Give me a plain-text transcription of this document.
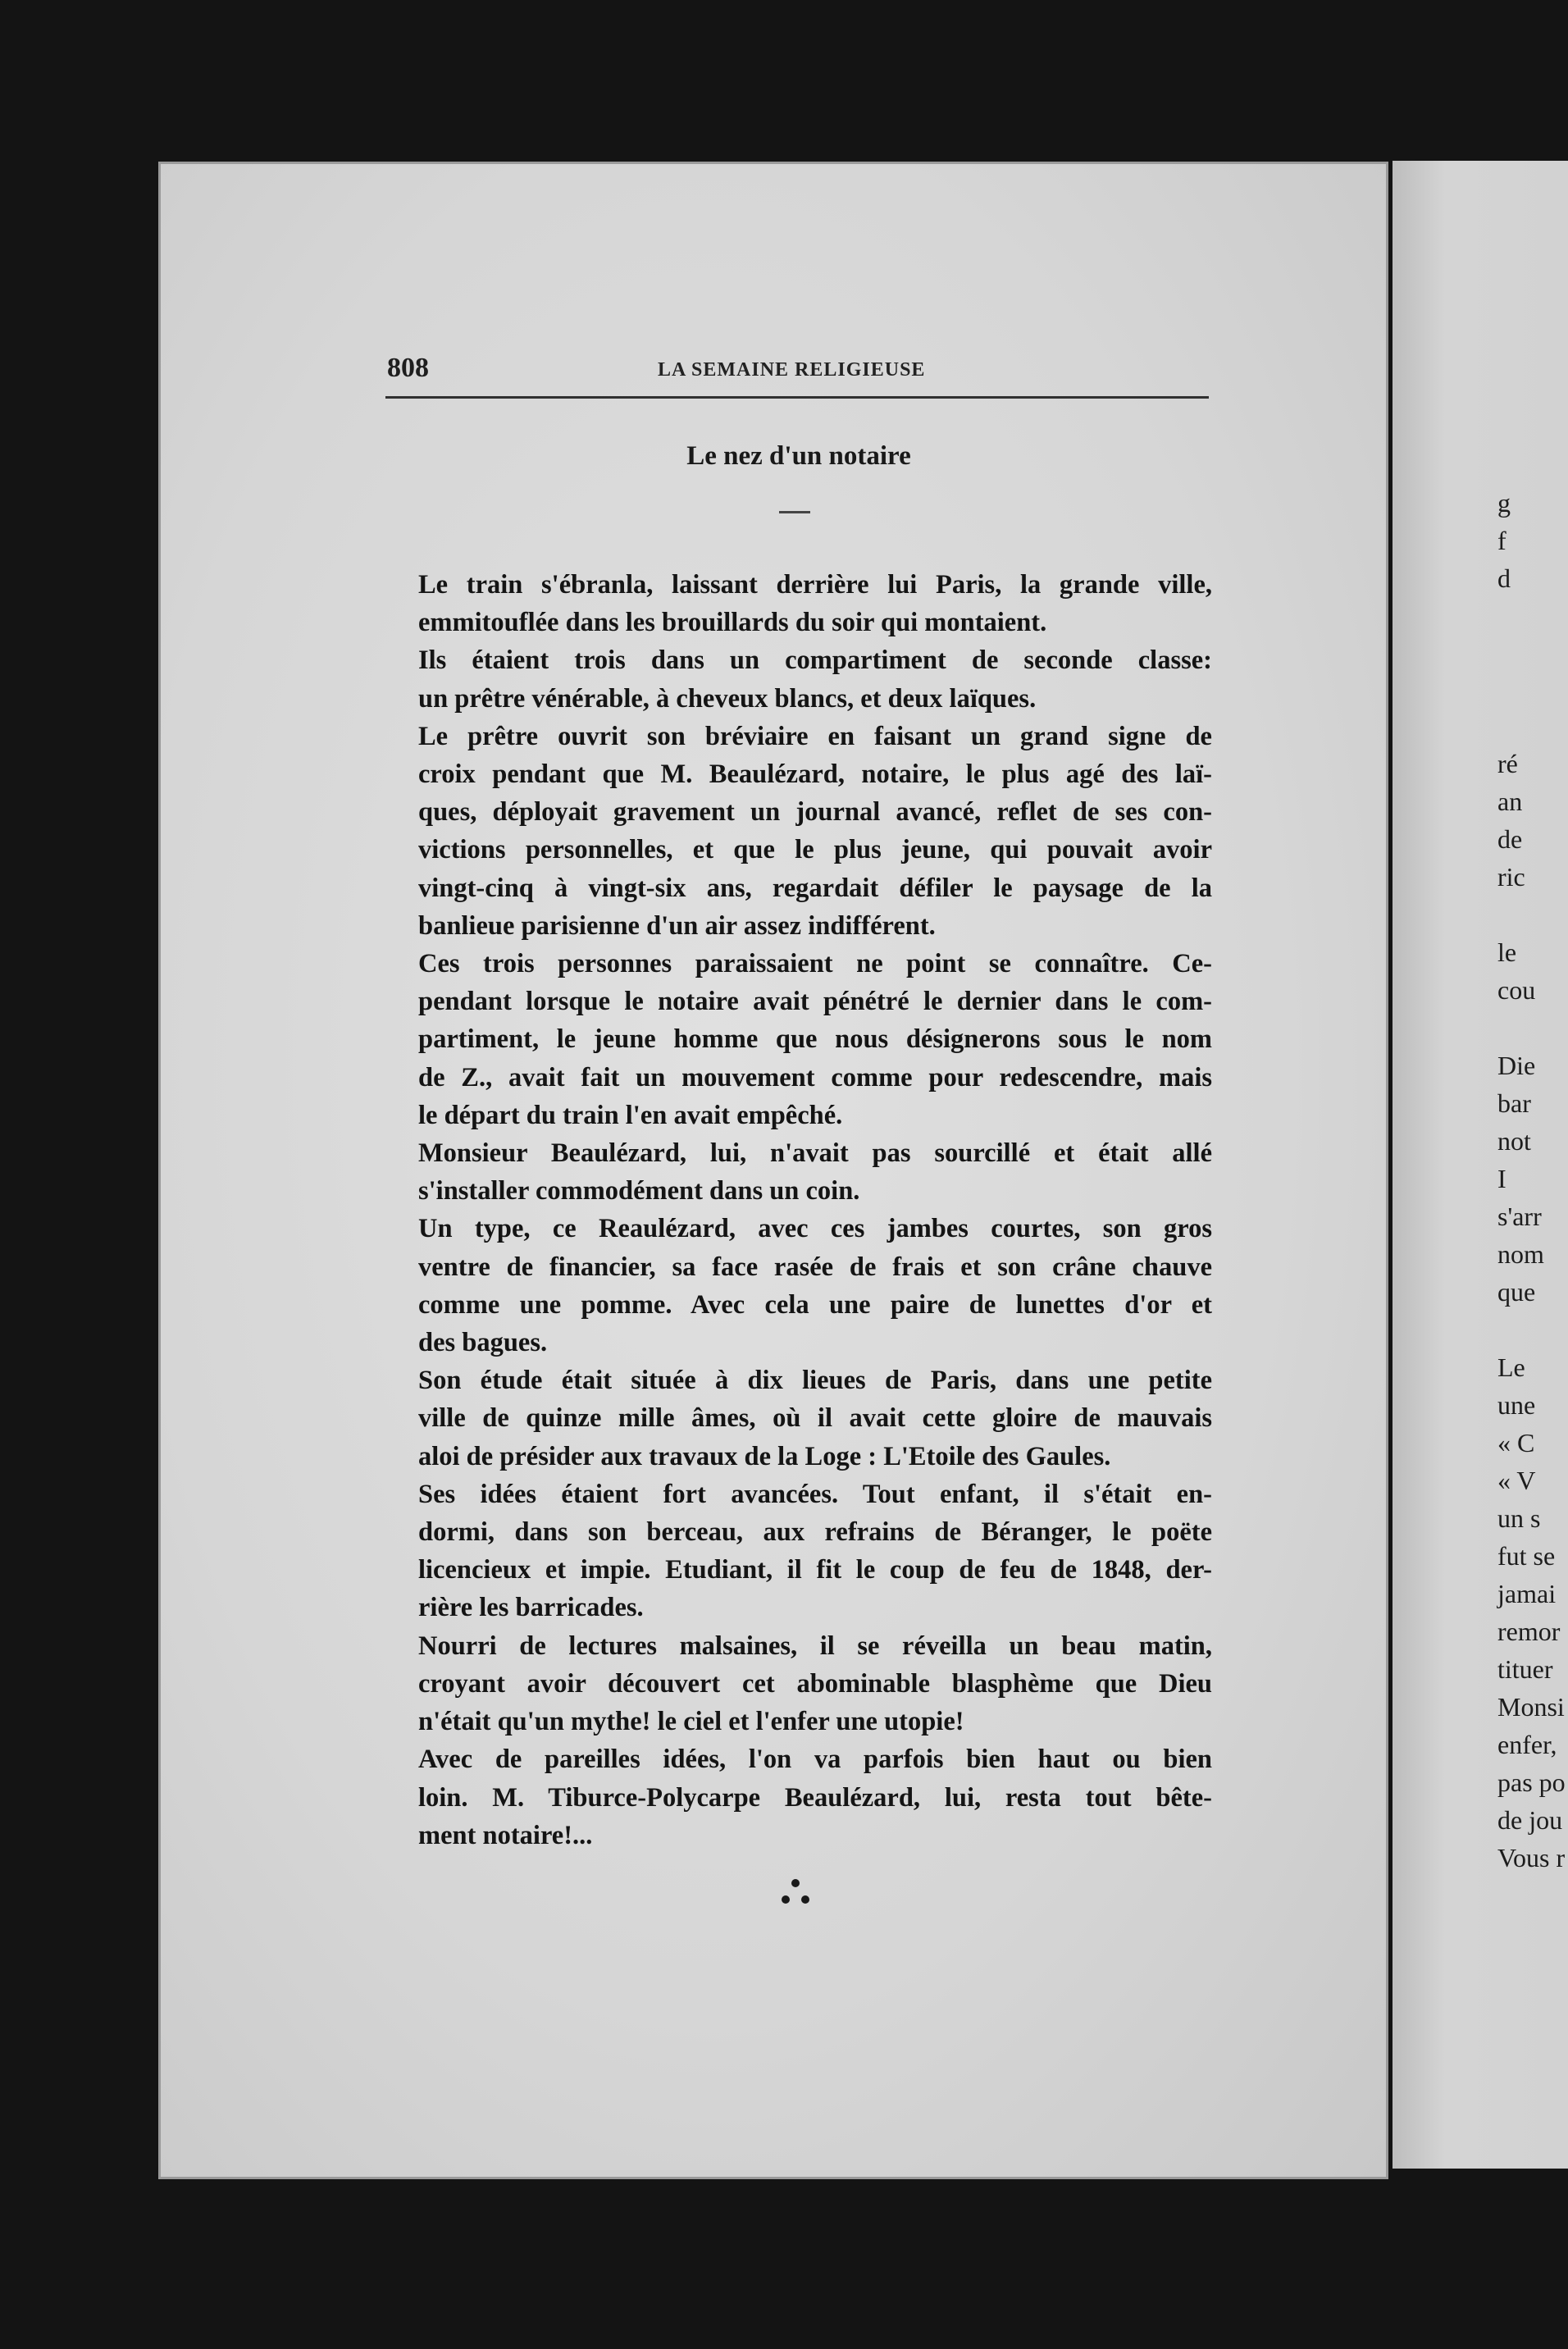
g
f
d
ré
an
de
ric
le
cou
Die
bar
not
I
s'arr
nom
que
Le
une
« C
« V
un s
fut se
jamai
remor
tituer
Monsi
enfer,
pas po
de jou
Vous r
808	LA SEMAINE RELIGIEUSE
Le nez d'un notaire

Le train s'ébranla, laissant derrière lui Paris, la grande ville,
emmitouflée dans les brouillards du soir qui montaient.

Ils étaient trois dans un compartiment de seconde classe:
un prêtre vénérable, à cheveux blancs, et deux laïques.

Le prêtre ouvrit son bréviaire en faisant un grand signe de
croix pendant que M. Beaulézard, notaire, le plus agé des laï-
ques, déployait gravement un journal avancé, reflet de ses con-
victions personnelles, et que le plus jeune, qui pouvait avoir
vingt-cinq à vingt-six ans, regardait défiler le paysage de la
banlieue parisienne d'un air assez indifférent.

Ces trois personnes paraissaient ne point se connaître. Ce-
pendant lorsque le notaire avait pénétré le dernier dans le com-
partiment, le jeune homme que nous désignerons sous le nom
de Z., avait fait un mouvement comme pour redescendre, mais
le départ du train l'en avait empêché.

Monsieur Beaulézard, lui, n'avait pas sourcillé et était allé
s'installer commodément dans un coin.

Un type, ce Reaulézard, avec ces jambes courtes, son gros
ventre de financier, sa face rasée de frais et son crâne chauve
comme une pomme. Avec cela une paire de lunettes d'or et
des bagues.

Son étude était située à dix lieues de Paris, dans une petite
ville de quinze mille âmes, où il avait cette gloire de mauvais
aloi de présider aux travaux de la Loge : L'Etoile des Gaules.

Ses idées étaient fort avancées. Tout enfant, il s'était en-
dormi, dans son berceau, aux refrains de Béranger, le poëte
licencieux et impie. Etudiant, il fit le coup de feu de 1848, der-
rière les barricades.

Nourri de lectures malsaines, il se réveilla un beau matin,
croyant avoir découvert cet abominable blasphème que Dieu
n'était qu'un mythe! le ciel et l'enfer une utopie!

Avec de pareilles idées, l'on va parfois bien haut ou bien
loin. M. Tiburce-Polycarpe Beaulézard, lui, resta tout bête-
ment notaire!...
